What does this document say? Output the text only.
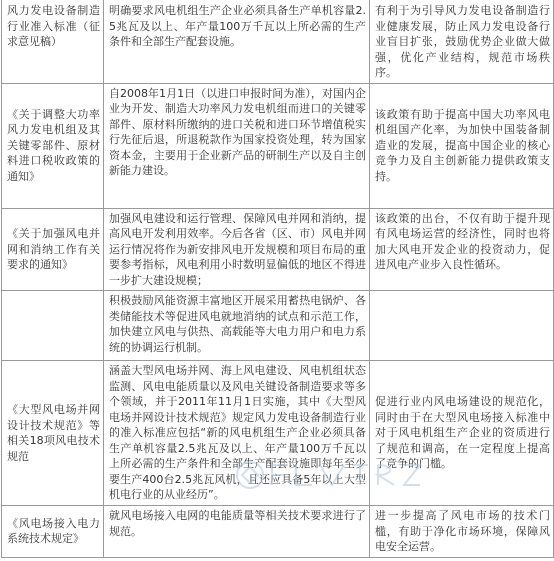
风力发电设备制造行业准入标准（征求意见稿）	明确要求风电机组生产企业必须具备生产单机容量2.5兆瓦及以上、年产量100万千瓦以上所必需的生产条件和全部生产配套设施。	有利于为引导风力发电设备制造行业健康发展，防止风力发电设备行业盲目扩张，鼓励优势企业做大做强，优化产业结构，规范市场秩序。

《关于调整大功率风力发电机组及其关键零部件、原材料进口税收政策的通知》	自2008年1月1日（以进口申报时间为准），对国内企业为开发、制造大功率风力发电机组而进口的关键零部件、原材料所缴纳的进口关税和进口环节增值税实行先征后退，所退税款作为国家投资处理，转为国家资本金，主要用于企业新产品的研制生产以及自主创新能力建设。	该政策有助于提高中国大功率风电机组国产化率，为加快中国装备制造业的发展，提高中国企业的核心竞争力及自主创新能力提供政策支持。

《关于加强风电并网和消纳工作有关要求的通知》	加强风电建设和运行管理、保障风电并网和消纳，提高风电开发利用效率。今后各省（区、市）风电并网运行情况将作为新安排风电开发规模和项目布局的重要参考指标，风电利用小时数明显偏低的地区不得进一步扩大建设规模；	该政策的出台，不仅有助于提升现有风电场运营的经济性，同时也将加大风电开发企业的投资动力，促进风电产业步入良性循环。

	积极鼓励风能资源丰富地区开展采用蓄热电锅炉、各类储能技术等促进风电就地消纳的试点和示范工作，加快建立风电与供热、高载能等大电力用户和电力系统的协调运行机制。	

《大型风电场并网设计技术规范》等相关18项风电技术规范	涵盖大型风电场并网、海上风电建设、风电机组状态监测、风电电能质量以及风电关键设备制造要求等多个领域，并于2011年11月1日实施，其中《大型风电场并网设计技术规范》规定风力发电设备制造行业的准入标准应包括“新的风电机组生产企业必须具备生产单机容量2.5兆瓦及以上、年产量100万千瓦以上所必需的生产条件和全部生产配套设施即每年至少要生产400台2.5兆瓦风机，且还应具备5年以上大型机电行业的从业经历”。	促进行业内风电场建设的规范化，同时由于在大型风电场接入标准中对于风电机组生产企业的资质进行了规范和调高，在一定程度上提高了竞争的门槛。

《风电场接入电力系统技术规定》	就风电场接入电网的电能质量等相关技术要求进行了规范。	进一步提高了风电市场的技术门槛，有助于净化市场环境，保障风电安全运营。
